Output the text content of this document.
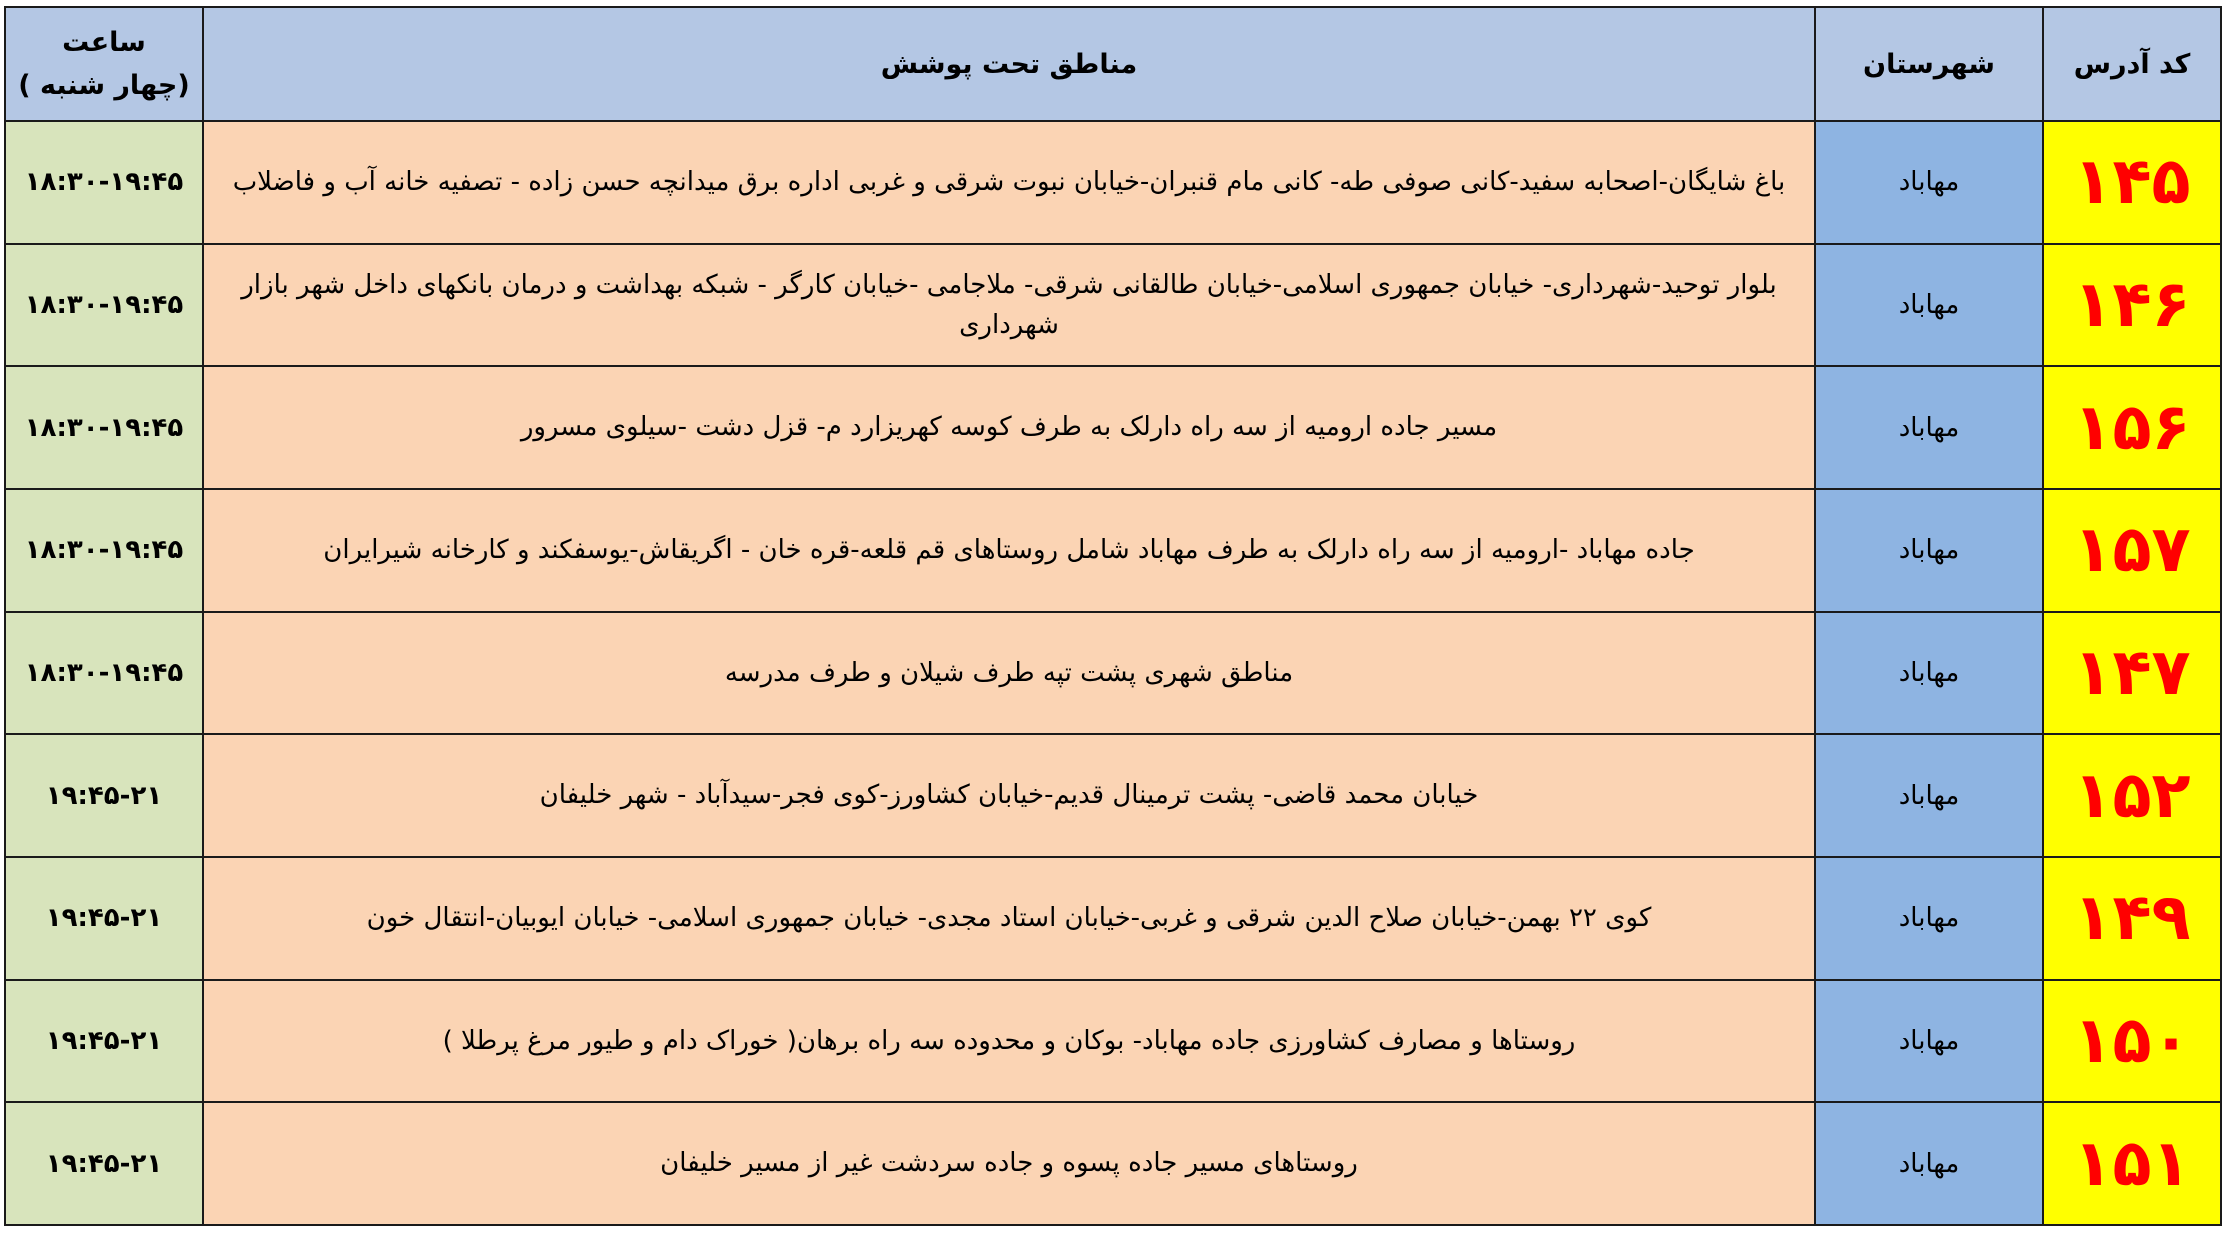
کد آدرس	شهرستان	مناطق تحت پوشش	ساعت
(چهار شنبه )

۱۴۵	مهاباد	باغ شایگان-اصحابه سفید-کانی صوفی طه- کانی مام قنبران-خیابان نبوت شرقی و غربی اداره برق میدانچه حسن زاده - تصفیه خانه آب و فاضلاب	۱۸:۳۰-۱۹:۴۵
۱۴۶	مهاباد	بلوار توحید-شهرداری- خیابان جمهوری اسلامی-خیابان طالقانی شرقی- ملاجامی -خیابان کارگر - شبکه بهداشت و درمان بانکهای داخل شهر بازار شهرداری	۱۸:۳۰-۱۹:۴۵
۱۵۶	مهاباد	مسیر جاده ارومیه از سه راه دارلک به طرف کوسه کهریزارد م- قزل دشت -سیلوی مسرور	۱۸:۳۰-۱۹:۴۵
۱۵۷	مهاباد	جاده مهاباد -ارومیه از سه راه دارلک به طرف مهاباد شامل روستاهای قم قلعه-قره خان - اگریقاش-یوسفکند و کارخانه شیرایران	۱۸:۳۰-۱۹:۴۵
۱۴۷	مهاباد	مناطق شهری پشت تپه طرف شیلان و طرف مدرسه	۱۸:۳۰-۱۹:۴۵
۱۵۲	مهاباد	خیابان محمد قاضی- پشت ترمینال قدیم-خیابان کشاورز-کوی فجر-سیدآباد - شهر خلیفان	۱۹:۴۵-۲۱
۱۴۹	مهاباد	کوی ۲۲ بهمن-خیابان صلاح الدین شرقی و غربی-خیابان استاد مجدی- خیابان جمهوری اسلامی- خیابان ایوبیان-انتقال خون	۱۹:۴۵-۲۱
۱۵۰	مهاباد	روستاها و مصارف کشاورزی جاده مهاباد- بوکان و محدوده سه راه برهان( خوراک دام و طیور مرغ پرطلا )	۱۹:۴۵-۲۱
۱۵۱	مهاباد	روستاهای مسیر جاده پسوه و جاده سردشت غیر از مسیر خلیفان	۱۹:۴۵-۲۱
